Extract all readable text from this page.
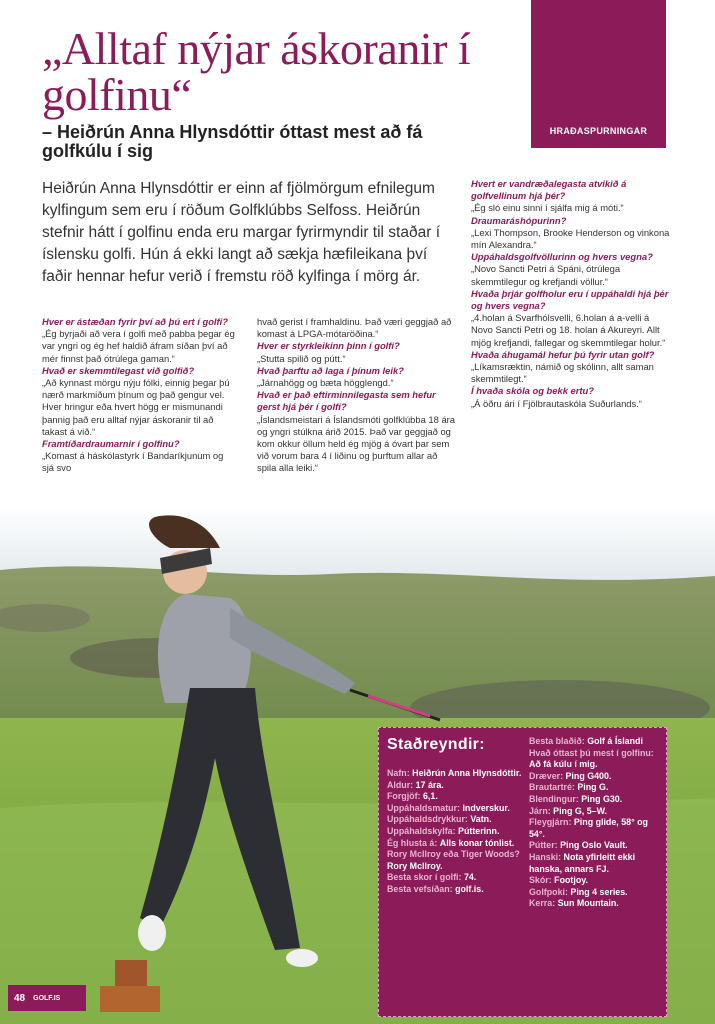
„Alltaf nýjar áskoranir í golfinu“
– Heiðrún Anna Hlynsdóttir óttast mest að fá golfkúlu í sig
HRAÐASPURNINGAR
Heiðrún Anna Hlynsdóttir er einn af fjölmörgum efnilegum kylfingum sem eru í röðum Golfklúbbs Selfoss. Heiðrún stefnir hátt í golfinu enda eru margar fyrirmyndir til staðar í íslensku golfi. Hún á ekki langt að sækja hæfileikana því faðir hennar hefur verið í fremstu röð kylfinga í mörg ár.
Hver er ástæðan fyrir því að þú ert í golfi?
„Ég byrjaði að vera í golfi með pabba þegar ég var yngri og ég hef haldið áfram síðan því að mér finnst það ótrúlega gaman.“
Hvað er skemmtilegast við golfið?
„Að kynnast mörgu nýju fólki, einnig þegar þú nærð markmiðum þínum og það gengur vel. Hver hringur eða hvert högg er mismunandi þannig það eru alltaf nýjar áskoranir til að takast á við.“
Framtíðardraumarnir í golfinu?
„Komast á háskólastyrk í Bandaríkjunum og sjá svo
hvað gerist í framhaldinu. Það væri geggjað að komast á LPGA-mótaröðina.“
Hver er styrkleikinn þinn í golfi?
„Stutta spilið og pútt.“
Hvað þarftu að laga í þínum leik?
„Járnahögg og bæta högglengd.“
Hvað er það eftirminnilegasta sem hefur gerst hjá þér í golfi?
„Íslandsmeistari á Íslandsmóti golfklúbba 18 ára og yngri stúlkna árið 2015. Það var geggjað og kom okkur öllum held ég mjög á óvart þar sem við vorum bara 4 í liðinu og þurftum allar að spila alla leiki.“
Hvert er vandræðalegasta atvikið á golfvellinum hjá þér?
„Ég sló einu sinni í sjálfa mig á móti.“
Draumaráshópurinn?
„Lexi Thompson, Brooke Henderson og vinkona mín Alexandra.“
Uppáhaldsgolfvöllurinn og hvers vegna?
„Novo Sancti Petri á Spáni, ótrúlega skemmtilegur og krefjandi völlur.“
Hvaða þrjár golfholur eru í uppáhaldi hjá þér og hvers vegna?
„4.holan á Svarfhólsvelli, 6.holan á a-velli á Novo Sancti Petri og 18. holan á Akureyri. Allt mjög krefjandi, fallegar og skemmtilegar holur.“
Hvaða áhugamál hefur þú fyrir utan golf?
„Líkamsræktin, námið og skólinn, allt saman skemmtilegt.“
Í hvaða skóla og bekk ertu?
„Á öðru ári í Fjölbrautaskóla Suðurlands.“
Staðreyndir:
Nafn: Heiðrún Anna Hlynsdóttir.
Aldur: 17 ára.
Forgjöf: 6,1.
Uppáhaldsmatur: Indverskur.
Uppáhaldsdrykkur: Vatn.
Uppáhaldskylfa: Pútterinn.
Ég hlusta á: Alls konar tónlist.
Rory McIlroy eða Tiger Woods? Rory McIlroy.
Besta skor í golfi: 74.
Besta vefsíðan: golf.is.
Besta blaðið: Golf á Íslandi
Hvað óttast þú mest í golfinu: Að fá kúlu í mig.
Dræver: Ping G400.
Brautartré: Ping G.
Blendingur: Ping G30.
Járn: Ping G, 5–W.
Fleygjárn: Ping glide, 58° og 54°.
Pútter: Ping Oslo Vault.
Hanski: Nota yfirleitt ekki hanska, annars FJ.
Skór: Footjoy.
Golfpoki: Ping 4 series.
Kerra: Sun Mountain.
48 GOLF.IS
